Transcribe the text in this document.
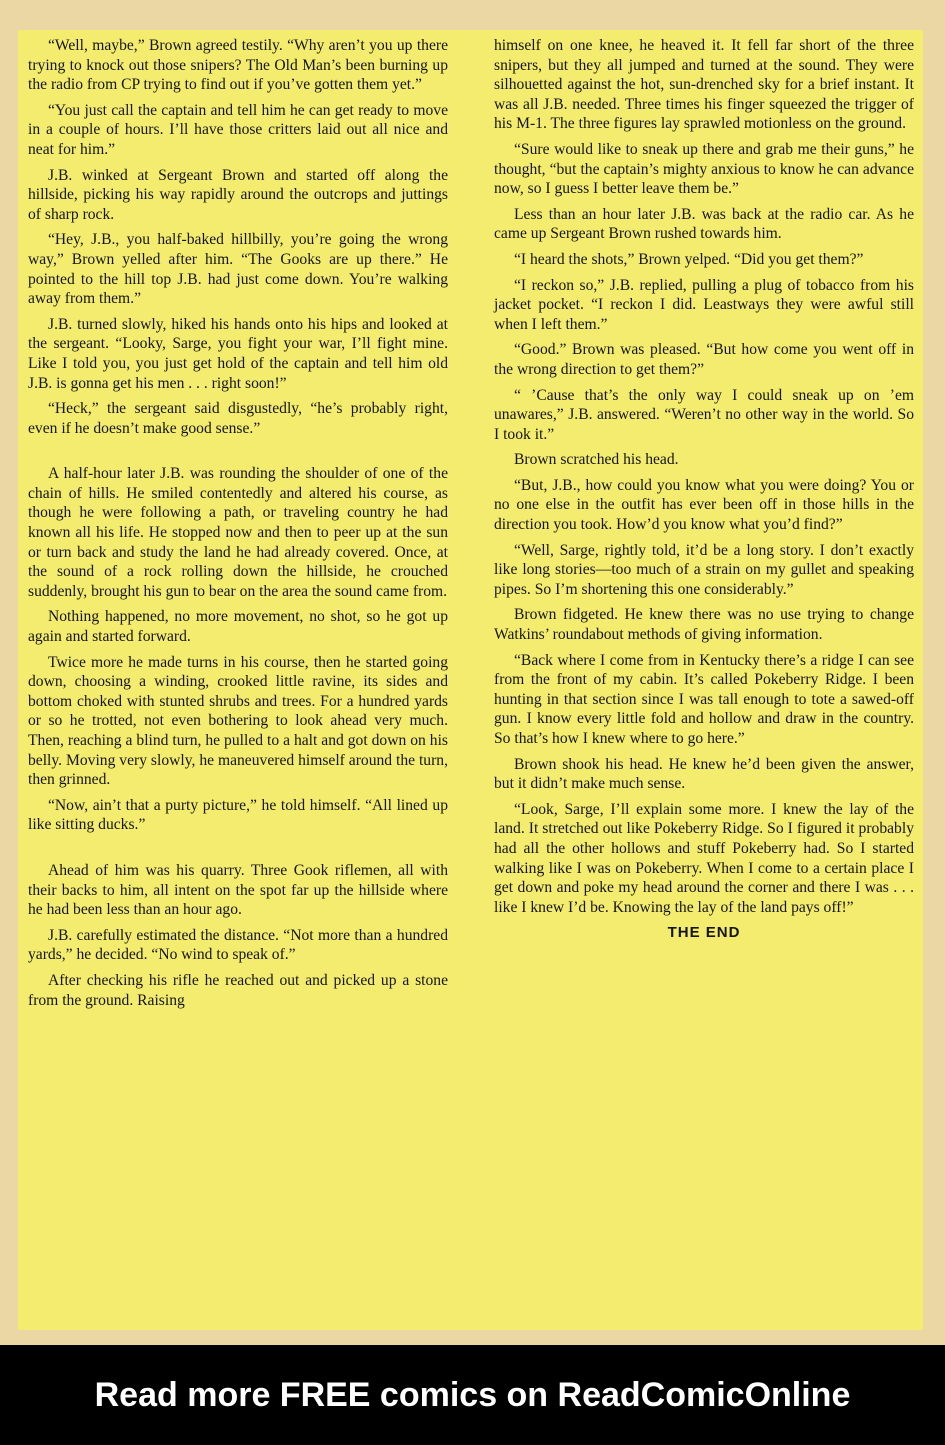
“Well, maybe,” Brown agreed testily. “Why aren’t you up there trying to knock out those snipers? The Old Man’s been burning up the radio from CP trying to find out if you’ve gotten them yet.”

“You just call the captain and tell him he can get ready to move in a couple of hours. I’ll have those critters laid out all nice and neat for him.”

J.B. winked at Sergeant Brown and started off along the hillside, picking his way rapidly around the outcrops and juttings of sharp rock.

“Hey, J.B., you half-baked hillbilly, you’re going the wrong way,” Brown yelled after him. “The Gooks are up there.” He pointed to the hill top J.B. had just come down. You’re walking away from them.”

J.B. turned slowly, hiked his hands onto his hips and looked at the sergeant. “Looky, Sarge, you fight your war, I’ll fight mine. Like I told you, you just get hold of the captain and tell him old J.B. is gonna get his men . . . right soon!”

“Heck,” the sergeant said disgustedly, “he’s probably right, even if he doesn’t make good sense.”

A half-hour later J.B. was rounding the shoulder of one of the chain of hills. He smiled contentedly and altered his course, as though he were following a path, or traveling country he had known all his life. He stopped now and then to peer up at the sun or turn back and study the land he had already covered. Once, at the sound of a rock rolling down the hillside, he crouched suddenly, brought his gun to bear on the area the sound came from.

Nothing happened, no more movement, no shot, so he got up again and started forward.

Twice more he made turns in his course, then he started going down, choosing a winding, crooked little ravine, its sides and bottom choked with stunted shrubs and trees. For a hundred yards or so he trotted, not even bothering to look ahead very much. Then, reaching a blind turn, he pulled to a halt and got down on his belly. Moving very slowly, he maneuvered himself around the turn, then grinned.

“Now, ain’t that a purty picture,” he told himself. “All lined up like sitting ducks.”

Ahead of him was his quarry. Three Gook riflemen, all with their backs to him, all intent on the spot far up the hillside where he had been less than an hour ago.

J.B. carefully estimated the distance. “Not more than a hundred yards,” he decided. “No wind to speak of.”

After checking his rifle he reached out and picked up a stone from the ground. Raising

himself on one knee, he heaved it. It fell far short of the three snipers, but they all jumped and turned at the sound. They were silhouetted against the hot, sun-drenched sky for a brief instant. It was all J.B. needed. Three times his finger squeezed the trigger of his M-1. The three figures lay sprawled motionless on the ground.

“Sure would like to sneak up there and grab me their guns,” he thought, “but the captain’s mighty anxious to know he can advance now, so I guess I better leave them be.”

Less than an hour later J.B. was back at the radio car. As he came up Sergeant Brown rushed towards him.

“I heard the shots,” Brown yelped. “Did you get them?”

“I reckon so,” J.B. replied, pulling a plug of tobacco from his jacket pocket. “I reckon I did. Leastways they were awful still when I left them.”

“Good.” Brown was pleased. “But how come you went off in the wrong direction to get them?”

“ ’Cause that’s the only way I could sneak up on ’em unawares,” J.B. answered. “Weren’t no other way in the world. So I took it.”

Brown scratched his head.

“But, J.B., how could you know what you were doing? You or no one else in the outfit has ever been off in those hills in the direction you took. How’d you know what you’d find?”

“Well, Sarge, rightly told, it’d be a long story. I don’t exactly like long stories—too much of a strain on my gullet and speaking pipes. So I’m shortening this one considerably.”

Brown fidgeted. He knew there was no use trying to change Watkins’ roundabout methods of giving information.

“Back where I come from in Kentucky there’s a ridge I can see from the front of my cabin. It’s called Pokeberry Ridge. I been hunting in that section since I was tall enough to tote a sawed-off gun. I know every little fold and hollow and draw in the country. So that’s how I knew where to go here.”

Brown shook his head. He knew he’d been given the answer, but it didn’t make much sense.

“Look, Sarge, I’ll explain some more. I knew the lay of the land. It stretched out like Pokeberry Ridge. So I figured it probably had all the other hollows and stuff Pokeberry had. So I started walking like I was on Pokeberry. When I come to a certain place I get down and poke my head around the corner and there I was . . . like I knew I’d be. Knowing the lay of the land pays off!”

THE END
Read more FREE comics on ReadComicOnline
